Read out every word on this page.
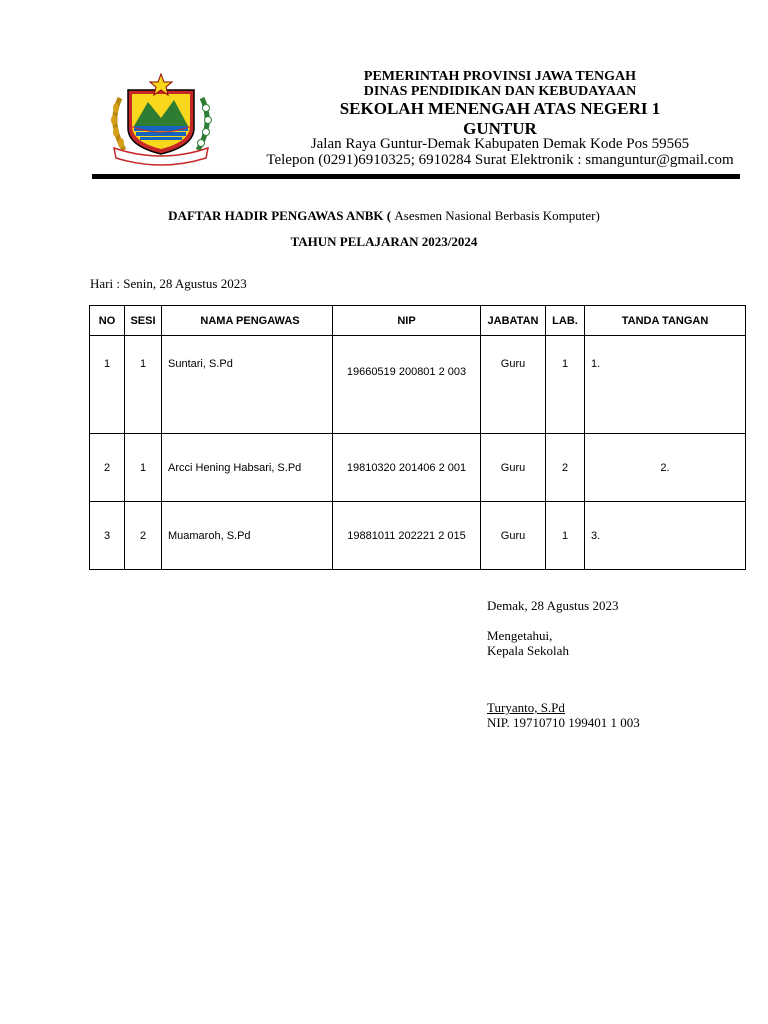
PEMERINTAH PROVINSI JAWA TENGAH
DINAS PENDIDIKAN DAN KEBUDAYAAN
SEKOLAH MENENGAH ATAS NEGERI 1
GUNTUR
Jalan Raya Guntur-Demak Kabupaten Demak Kode Pos 59565
Telepon (0291)6910325; 6910284 Surat Elektronik : smanguntur@gmail.com
DAFTAR HADIR PENGAWAS ANBK ( Asesmen Nasional Berbasis Komputer)
TAHUN PELAJARAN 2023/2024
Hari : Senin, 28 Agustus 2023
NO	SESI	NAMA PENGAWAS	NIP	JABATAN	LAB.	TANDA TANGAN
1	1	Suntari, S.Pd	19660519 200801 2 003	Guru	1	1.
2	1	Arcci Hening Habsari, S.Pd	19810320 201406 2 001	Guru	2	2.
3	2	Muamaroh, S.Pd	19881011 202221 2 015	Guru	1	3.
Demak, 28 Agustus 2023
Mengetahui,
Kepala Sekolah
Turyanto, S.Pd
NIP. 19710710 199401 1 003
